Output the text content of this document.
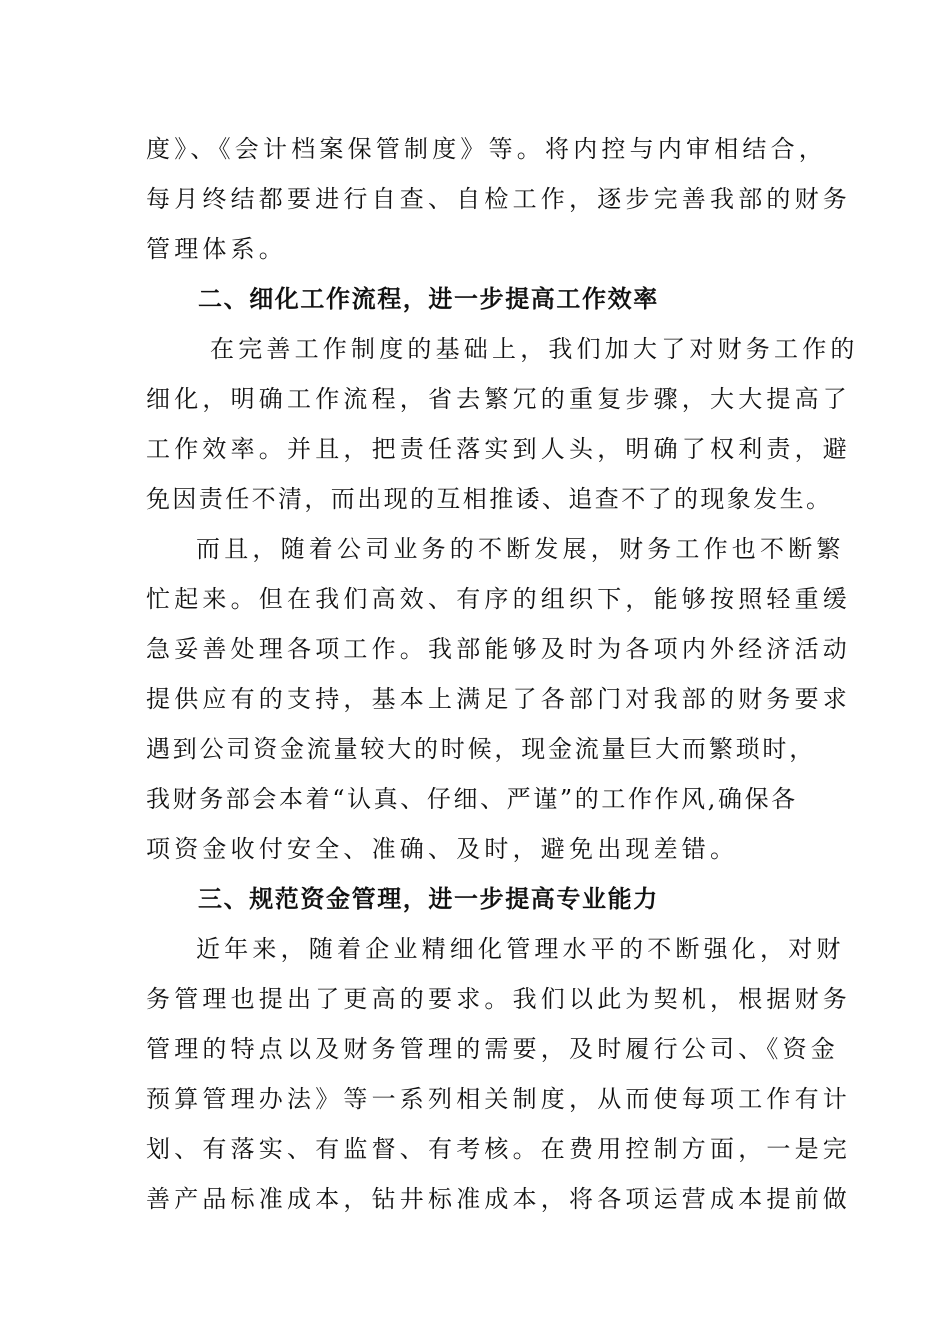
度》、《会计档案保管制度》等。将内控与内审相结合，
每月终结都要进行自查、自检工作，逐步完善我部的财务
管理体系。
二、细化工作流程，进一步提高工作效率
在完善工作制度的基础上，我们加大了对财务工作的
细化，明确工作流程，省去繁冗的重复步骤，大大提高了
工作效率。并且，把责任落实到人头，明确了权利责，避
免因责任不清，而出现的互相推诿、追查不了的现象发生。
而且，随着公司业务的不断发展，财务工作也不断繁
忙起来。但在我们高效、有序的组织下，能够按照轻重缓
急妥善处理各项工作。我部能够及时为各项内外经济活动
提供应有的支持，基本上满足了各部门对我部的财务要求
遇到公司资金流量较大的时候，现金流量巨大而繁琐时，
我财务部会本着“认真、仔细、严谨”的工作作风,确保各
项资金收付安全、准确、及时，避免出现差错。
三、规范资金管理，进一步提高专业能力
近年来，随着企业精细化管理水平的不断强化，对财
务管理也提出了更高的要求。我们以此为契机，根据财务
管理的特点以及财务管理的需要，及时履行公司、《资金
预算管理办法》等一系列相关制度，从而使每项工作有计
划、有落实、有监督、有考核。在费用控制方面，一是完
善产品标准成本，钻井标准成本，将各项运营成本提前做
